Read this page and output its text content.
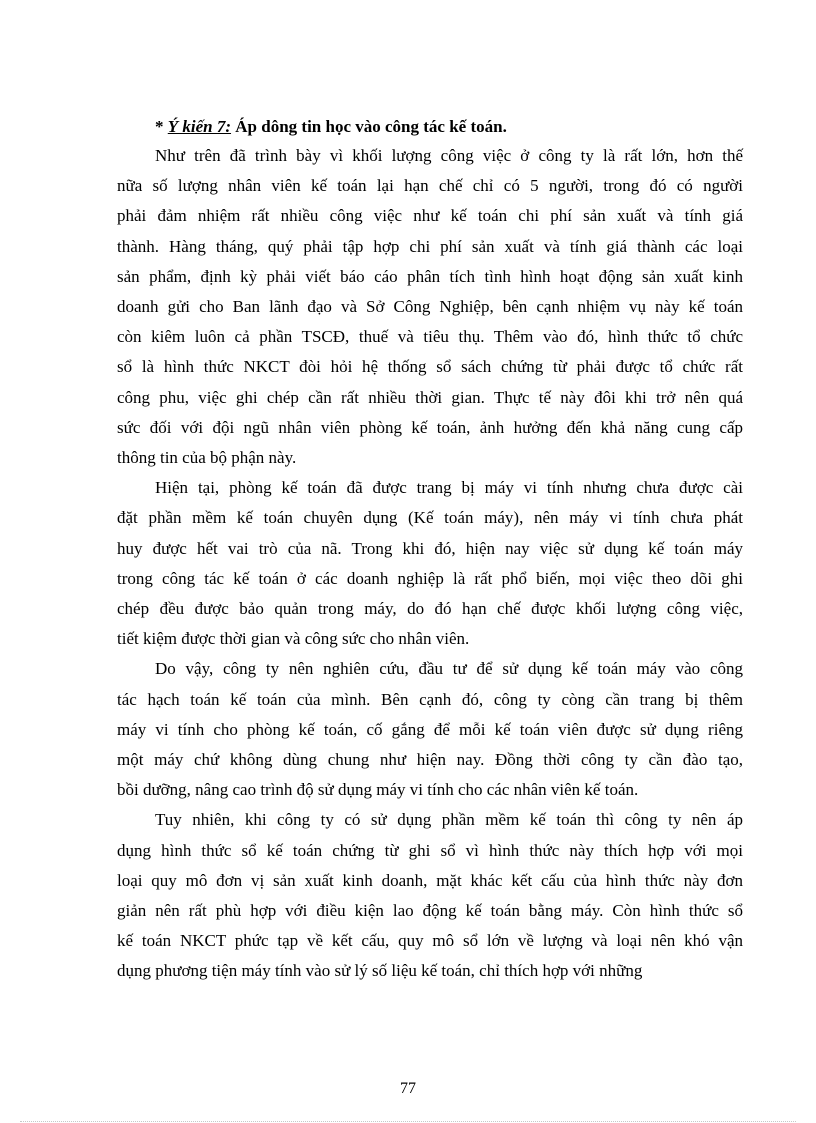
* Ý kiến 7: Áp dông tin học vào công tác kế toán.

Như trên đã trình bày vì khối lượng công việc ở công ty là rất lớn, hơn thế
nữa số lượng nhân viên kế toán lại hạn chế chỉ có 5 người, trong đó có người
phải đảm nhiệm rất nhiều công việc như kế toán chi phí sản xuất và tính giá
thành. Hàng tháng, quý phải tập hợp chi phí sản xuất và tính giá thành các loại
sản phẩm, định kỳ phải viết báo cáo phân tích tình hình hoạt động sản xuất kinh
doanh gửi cho Ban lãnh đạo và Sở Công Nghiệp, bên cạnh nhiệm vụ này kế toán
còn kiêm luôn cả phần TSCĐ, thuế và tiêu thụ. Thêm vào đó, hình thức tổ chức
sổ là hình thức NKCT đòi hỏi hệ thống sổ sách chứng từ phải được tổ chức rất
công phu, việc ghi chép cần rất nhiều thời gian. Thực tế này đôi khi trở nên quá
sức đối với đội ngũ nhân viên phòng kế toán, ảnh hưởng đến khả năng cung cấp
thông tin của bộ phận này.

Hiện tại, phòng kế toán đã được trang bị máy vi tính nhưng chưa được cài
đặt phần mềm kế toán chuyên dụng (Kế toán máy), nên máy vi tính chưa phát
huy được hết vai trò của nã. Trong khi đó, hiện nay việc sử dụng kế toán máy
trong công tác kế toán ở các doanh nghiệp là rất phổ biến, mọi việc theo dõi ghi
chép đều được bảo quản trong máy, do đó hạn chế được khối lượng công việc,
tiết kiệm được thời gian và công sức cho nhân viên.

Do vậy, công ty nên nghiên cứu, đầu tư để sử dụng kế toán máy vào công
tác hạch toán kế toán của mình. Bên cạnh đó, công ty còng cần trang bị thêm
máy vi tính cho phòng kế toán, cố gắng để mỗi kế toán viên được sử dụng riêng
một máy chứ không dùng chung như hiện nay. Đồng thời công ty cần đào tạo,
bồi dưỡng, nâng cao trình độ sử dụng máy vi tính cho các nhân viên kế toán.

Tuy nhiên, khi công ty có sử dụng phần mềm kế toán thì công ty nên áp
dụng hình thức sổ kế toán chứng từ ghi sổ vì hình thức này thích hợp với mọi
loại quy mô đơn vị sản xuất kinh doanh, mặt khác kết cấu của hình thức này đơn
giản nên rất phù hợp với điều kiện lao động kế toán bằng máy. Còn hình thức sổ
kế toán NKCT phức tạp về kết cấu, quy mô sổ lớn về lượng và loại nên khó vận
dụng phương tiện máy tính vào sử lý số liệu kế toán, chỉ thích hợp với những

77
